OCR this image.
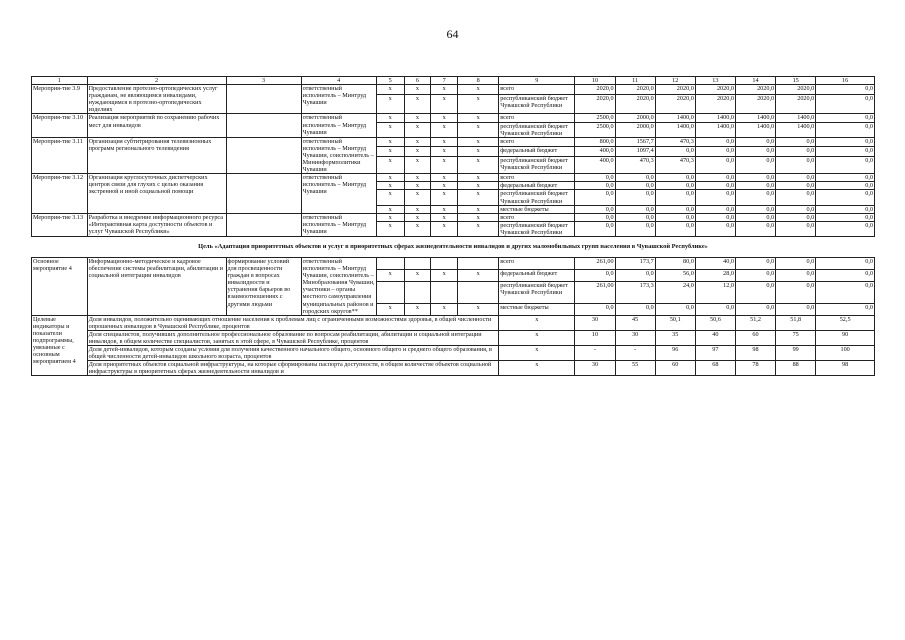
64
1	2	3	4	5	6	7	8	9	10	11	12	13	14	15	16
Мероприя-тие 3.9	Предоставление протезно-ортопедических услуг гражданам, не являющимся инвалидами, нуждающимся в протезно-ортопедических изделиях		ответственный исполнитель – Минтруд Чувашии	х	х	х	х	всего	2020,0	2020,0	2020,0	2020,0	2020,0	2020,0	0,0
				х	х	х	х	республиканский бюджет Чувашской Республики	2020,0	2020,0	2020,0	2020,0	2020,0	2020,0	0,0
Мероприя-тие 3.10	Реализация мероприятий по сохранению рабочих мест для инвалидов		ответственный исполнитель – Минтруд Чувашии	х	х	х	х	всего	2500,0	2000,0	1400,0	1400,0	1400,0	1400,0	0,0
				х	х	х	х	республиканский бюджет Чувашской Республики	2500,0	2000,0	1400,0	1400,0	1400,0	1400,0	0,0
Мероприя-тие 3.11	Организация субтитрирования телевизионных программ регионального телевидения		ответственный исполнитель – Минтруд Чувашии, соисполнитель – Мининформполитики Чувашии	х	х	х	х	всего	800,0	1567,7	470,3	0,0	0,0	0,0	0,0
				х	х	х	х	федеральный бюджет	400,0	1097,4	0,0	0,0	0,0	0,0	0,0
				х	х	х	х	республиканский бюджет Чувашской Республики	400,0	470,3	470,3	0,0	0,0	0,0	0,0
Мероприя-тие 3.12	Организация круглосуточных диспетчерских центров связи для глухих с целью оказания экстренной и иной социальной помощи		ответственный исполнитель – Минтруд Чувашии	х	х	х	х	всего	0,0	0,0	0,0	0,0	0,0	0,0	0,0
				х	х	х	х	федеральный бюджет	0,0	0,0	0,0	0,0	0,0	0,0	0,0
				х	х	х	х	республиканский бюджет Чувашской Республики	0,0	0,0	0,0	0,0	0,0	0,0	0,0
				х	х	х	х	местные бюджеты	0,0	0,0	0,0	0,0	0,0	0,0	0,0
Мероприя-тие 3.13	Разработка и внедрение информационного ресурса «Интерактивная карта доступности объектов и услуг Чувашской Республики»		ответственный исполнитель – Минтруд Чувашии	х	х	х	х	всего	0,0	0,0	0,0	0,0	0,0	0,0	0,0
				х	х	х	х	республиканский бюджет Чувашской Республики	0,0	0,0	0,0	0,0	0,0	0,0	0,0
Цель «Адаптация приоритетных объектов и услуг в приоритетных сферах жизнедеятельности инвалидов и других маломобильных групп населения в Чувашской Республике»															
Основное мероприятие 4	Информационно-методическое и кадровое обеспечение системы реабилитации, абилитации и социальной интеграции инвалидов	формирование условий для просвещенности граждан в вопросах инвалидности и устранения барьеров во взаимоотношениях с другими людьми	ответственный исполнитель – Минтруд Чувашии, соисполнитель – Минобразования Чувашии, участники – органы местного самоуправления муниципальных районов и городских округов**					всего	261,00	173,7	80,0	40,0	0,0	0,0	0,0
				х	х	х	х	федеральный бюджет	0,0	0,0	56,0	28,0	0,0	0,0	0,0
								республиканский бюджет Чувашской Республики	261,00	173,3	24,0	12,0	0,0	0,0	0,0
				х	х	х	х	местные бюджеты	0,0	0,0	0,0	0,0	0,0	0,0	0,0
Целевые индикаторы и показатели подпрограммы, увязанные с основным мероприятием 4	Доля инвалидов, положительно оценивающих отношение населения к проблемам лиц с ограниченными возможностями здоровья, в общей численности опрошенных инвалидов в Чувашской Республике, процентов							х	30	45	50,1	50,6	51,2	51,8	52,5
	Доля специалистов, получивших дополнительное профессиональное образование по вопросам реабилитации, абилитации и социальной интеграции инвалидов, в общем количестве специалистов, занятых в этой сфере, в Чувашской Республике, процентов							х	10	30	35	40	60	75	90
	Доля детей-инвалидов, которым созданы условия для получения качественного начального общего, основного общего и среднего общего образования, в общей численности детей-инвалидов школьного возраста, процентов							х	-	-	96	97	98	99	100
	Доля приоритетных объектов социальной инфраструктуры, на которые сформированы паспорта доступности, в общем количестве объектов социальной инфраструктуры в приоритетных сферах жизнедеятельности инвалидов и							х	30	55	60	68	78	88	98
